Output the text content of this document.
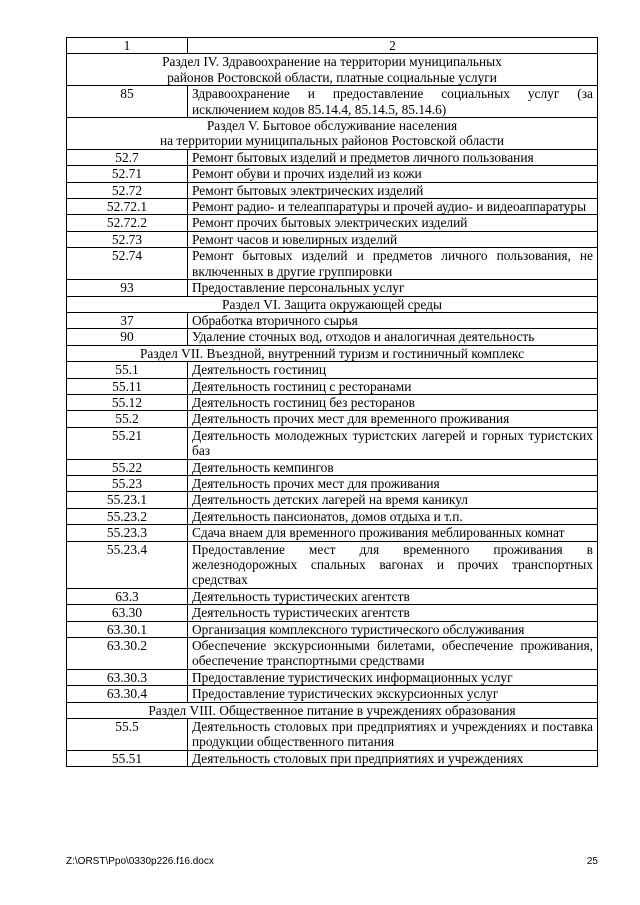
1	2
Раздел IV. Здравоохранение на территории муниципальных
районов Ростовской области, платные социальные услуги	
85	Здравоохранение и предоставление социальных услуг (за исключением кодов 85.14.4, 85.14.5, 85.14.6)
Раздел V. Бытовое обслуживание населения
на территории муниципальных районов Ростовской области	
52.7	Ремонт бытовых изделий и предметов личного пользования
52.71	Ремонт обуви и прочих изделий из кожи
52.72	Ремонт бытовых электрических изделий
52.72.1	Ремонт радио- и телеаппаратуры и прочей аудио- и видеоаппаратуры
52.72.2	Ремонт прочих бытовых электрических изделий
52.73	Ремонт часов и ювелирных изделий
52.74	Ремонт бытовых изделий и предметов личного пользования, не включенных в другие группировки
93	Предоставление персональных услуг
Раздел VI. Защита окружающей среды	
37	Обработка вторичного сырья
90	Удаление сточных вод, отходов и аналогичная деятельность
Раздел VII. Въездной, внутренний туризм и гостиничный комплекс	
55.1	Деятельность гостиниц
55.11	Деятельность гостиниц с ресторанами
55.12	Деятельность гостиниц без ресторанов
55.2	Деятельность прочих мест для временного проживания
55.21	Деятельность молодежных туристских лагерей и горных туристских баз
55.22	Деятельность кемпингов
55.23	Деятельность прочих мест для проживания
55.23.1	Деятельность детских лагерей на время каникул
55.23.2	Деятельность пансионатов, домов отдыха и т.п.
55.23.3	Сдача внаем для временного проживания меблированных комнат
55.23.4	Предоставление мест для временного проживания в железнодорожных спальных вагонах и прочих транспортных средствах
63.3	Деятельность туристических агентств
63.30	Деятельность туристических агентств
63.30.1	Организация комплексного туристического обслуживания
63.30.2	Обеспечение экскурсионными билетами, обеспечение проживания, обеспечение транспортными средствами
63.30.3	Предоставление туристических информационных услуг
63.30.4	Предоставление туристических экскурсионных услуг
Раздел VIII. Общественное питание в учреждениях образования	
55.5	Деятельность столовых при предприятиях и учреждениях и поставка продукции общественного питания
55.51	Деятельность столовых при предприятиях и учреждениях
Z:\ORST\Ppo\0330p226.f16.docx	25
